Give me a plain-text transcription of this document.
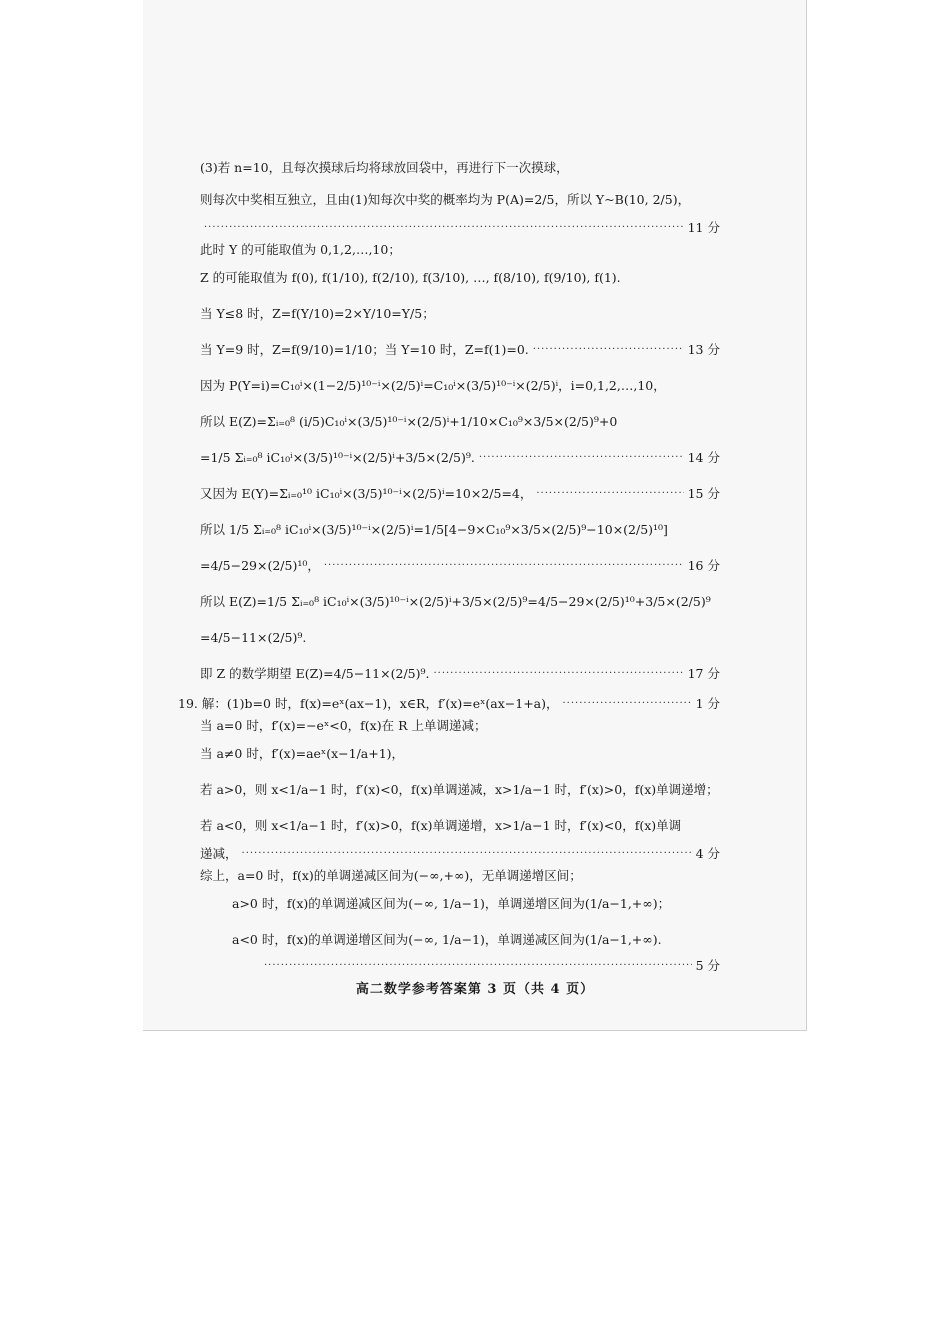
(3)若 n=10，且每次摸球后均将球放回袋中，再进行下一次摸球，
则每次中奖相互独立，且由(1)知每次中奖的概率均为 P(A)=2/5，所以 Y~B(10, 2/5)，
·····
11 分
此时 Y 的可能取值为 0,1,2,…,10；
Z 的可能取值为 f(0), f(1/10), f(2/10), f(3/10), …, f(8/10), f(9/10), f(1).
当 Y≤8 时，Z=f(Y/10)=2×Y/10=Y/5；
当 Y=9 时，Z=f(9/10)=1/10；当 Y=10 时，Z=f(1)=0. ·····	13 分
因为 P(Y=i)=C₁₀ⁱ×(1−2/5)¹⁰⁻ⁱ×(2/5)ⁱ=C₁₀ⁱ×(3/5)¹⁰⁻ⁱ×(2/5)ⁱ，i=0,1,2,…,10，
所以 E(Z)=Σᵢ₌₀⁸ (i/5)C₁₀ⁱ×(3/5)¹⁰⁻ⁱ×(2/5)ⁱ+1/10×C₁₀⁹×3/5×(2/5)⁹+0
=1/5 Σᵢ₌₀⁸ iC₁₀ⁱ×(3/5)¹⁰⁻ⁱ×(2/5)ⁱ+3/5×(2/5)⁹. ·····	14 分
又因为 E(Y)=Σᵢ₌₀¹⁰ iC₁₀ⁱ×(3/5)¹⁰⁻ⁱ×(2/5)ⁱ=10×2/5=4， ·····	15 分
所以 1/5 Σᵢ₌₀⁸ iC₁₀ⁱ×(3/5)¹⁰⁻ⁱ×(2/5)ⁱ=1/5[4−9×C₁₀⁹×3/5×(2/5)⁹−10×(2/5)¹⁰]
=4/5−29×(2/5)¹⁰， ·····	16 分
所以 E(Z)=1/5 Σᵢ₌₀⁸ iC₁₀ⁱ×(3/5)¹⁰⁻ⁱ×(2/5)ⁱ+3/5×(2/5)⁹=4/5−29×(2/5)¹⁰+3/5×(2/5)⁹
=4/5−11×(2/5)⁹.
即 Z 的数学期望 E(Z)=4/5−11×(2/5)⁹. ·····	17 分
19. 解：(1)b=0 时，f(x)=eˣ(ax−1)，x∈R，f′(x)=eˣ(ax−1+a)， ·····	1 分
当 a=0 时，f′(x)=−eˣ<0，f(x)在 R 上单调递减；
当 a≠0 时，f′(x)=aeˣ(x−1/a+1)，
若 a>0，则 x<1/a−1 时，f′(x)<0，f(x)单调递减，x>1/a−1 时，f′(x)>0，f(x)单调递增；
若 a<0，则 x<1/a−1 时，f′(x)>0，f(x)单调递增，x>1/a−1 时，f′(x)<0，f(x)单调
递减， ·····	4 分
综上，a=0 时，f(x)的单调递减区间为(−∞,+∞)，无单调递增区间；
a>0 时，f(x)的单调递减区间为(−∞, 1/a−1)，单调递增区间为(1/a−1,+∞)；
a<0 时，f(x)的单调递增区间为(−∞, 1/a−1)，单调递减区间为(1/a−1,+∞).
·····
5 分
高二数学参考答案第 3 页（共 4 页）
